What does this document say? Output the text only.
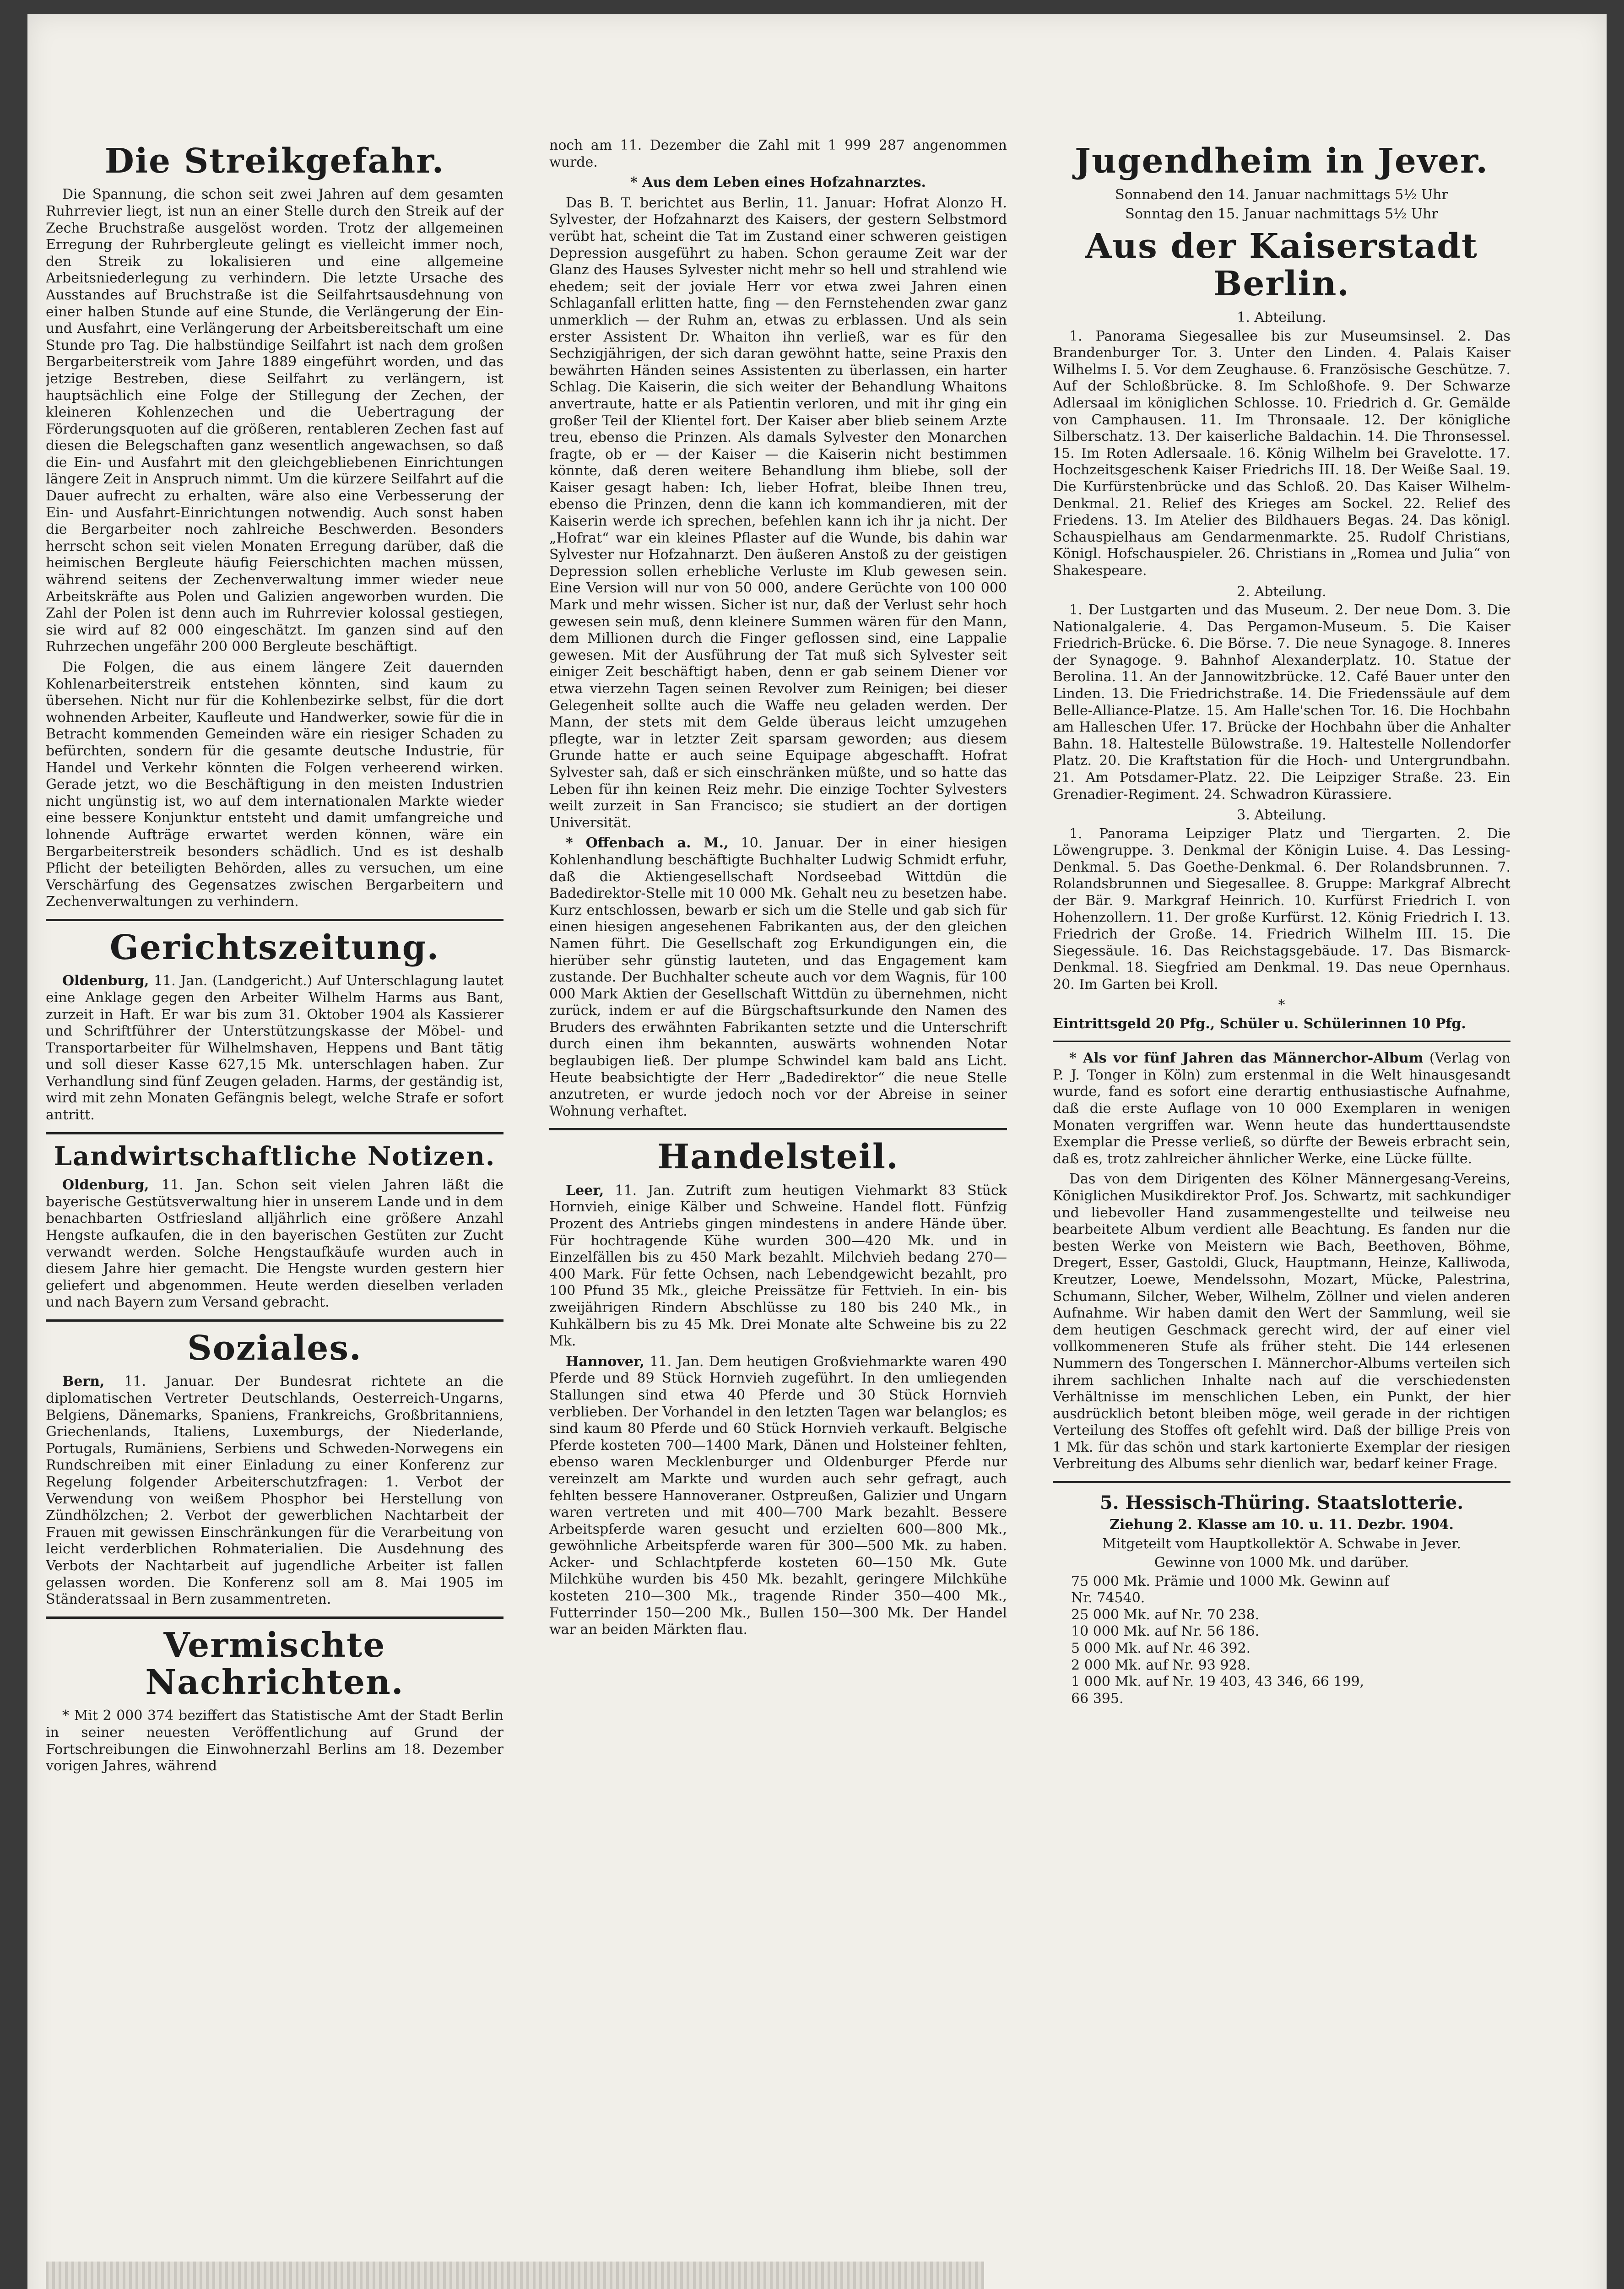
Die Streikgefahr.

Die Spannung, die schon seit zwei Jahren auf dem gesamten Ruhrrevier liegt, ist nun an einer Stelle durch den Streik auf der Zeche Bruchstraße ausgelöst worden. Trotz der allgemeinen Erregung der Ruhrbergleute gelingt es vielleicht immer noch, den Streik zu lokalisieren und eine allgemeine Arbeitsniederlegung zu verhindern. Die letzte Ursache des Ausstandes auf Bruchstraße ist die Seilfahrtsausdehnung von einer halben Stunde auf eine Stunde, die Verlängerung der Ein- und Ausfahrt, eine Verlängerung der Arbeitsbereitschaft um eine Stunde pro Tag. Die halbstündige Seilfahrt ist nach dem großen Bergarbeiterstreik vom Jahre 1889 eingeführt worden, und das jetzige Bestreben, diese Seilfahrt zu verlängern, ist hauptsächlich eine Folge der Stillegung der Zechen, der kleineren Kohlenzechen und die Uebertragung der Förderungsquoten auf die größeren, rentableren Zechen fast auf diesen die Belegschaften ganz wesentlich angewachsen, so daß die Ein- und Ausfahrt mit den gleichgebliebenen Einrichtungen längere Zeit in Anspruch nimmt. Um die kürzere Seilfahrt auf die Dauer aufrecht zu erhalten, wäre also eine Verbesserung der Ein- und Ausfahrt-Einrichtungen notwendig. Auch sonst haben die Bergarbeiter noch zahlreiche Beschwerden. Besonders herrscht schon seit vielen Monaten Erregung darüber, daß die heimischen Bergleute häufig Feierschichten machen müssen, während seitens der Zechenverwaltung immer wieder neue Arbeitskräfte aus Polen und Galizien angeworben wurden. Die Zahl der Polen ist denn auch im Ruhrrevier kolossal gestiegen, sie wird auf 82 000 eingeschätzt. Im ganzen sind auf den Ruhrzechen ungefähr 200 000 Bergleute beschäftigt.

Die Folgen, die aus einem längere Zeit dauernden Kohlenarbeiterstreik entstehen könnten, sind kaum zu übersehen. Nicht nur für die Kohlenbezirke selbst, für die dort wohnenden Arbeiter, Kaufleute und Handwerker, sowie für die in Betracht kommenden Gemeinden wäre ein riesiger Schaden zu befürchten, sondern für die gesamte deutsche Industrie, für Handel und Verkehr könnten die Folgen verheerend wirken. Gerade jetzt, wo die Beschäftigung in den meisten Industrien nicht ungünstig ist, wo auf dem internationalen Markte wieder eine bessere Konjunktur entsteht und damit umfangreiche und lohnende Aufträge erwartet werden können, wäre ein Bergarbeiterstreik besonders schädlich. Und es ist deshalb Pflicht der beteiligten Behörden, alles zu versuchen, um eine Verschärfung des Gegensatzes zwischen Bergarbeitern und Zechenverwaltungen zu verhindern.

Gerichtszeitung.

Oldenburg, 11. Jan. (Landgericht.) Auf Unterschlagung lautet eine Anklage gegen den Arbeiter Wilhelm Harms aus Bant, zurzeit in Haft. Er war bis zum 31. Oktober 1904 als Kassierer und Schriftführer der Unterstützungskasse der Möbel- und Transportarbeiter für Wilhelmshaven, Heppens und Bant tätig und soll dieser Kasse 627,15 Mk. unterschlagen haben. Zur Verhandlung sind fünf Zeugen geladen. Harms, der geständig ist, wird mit zehn Monaten Gefängnis belegt, welche Strafe er sofort antritt.

Landwirtschaftliche Notizen.

Oldenburg, 11. Jan. Schon seit vielen Jahren läßt die bayerische Gestütsverwaltung hier in unserem Lande und in dem benachbarten Ostfriesland alljährlich eine größere Anzahl Hengste aufkaufen, die in den bayerischen Gestüten zur Zucht verwandt werden. Solche Hengstaufkäufe wurden auch in diesem Jahre hier gemacht. Die Hengste wurden gestern hier geliefert und abgenommen. Heute werden dieselben verladen und nach Bayern zum Versand gebracht.

Soziales.

Bern, 11. Januar. Der Bundesrat richtete an die diplomatischen Vertreter Deutschlands, Oesterreich-Ungarns, Belgiens, Dänemarks, Spaniens, Frankreichs, Großbritanniens, Griechenlands, Italiens, Luxemburgs, der Niederlande, Portugals, Rumäniens, Serbiens und Schweden-Norwegens ein Rundschreiben mit einer Einladung zu einer Konferenz zur Regelung folgender Arbeiterschutzfragen: 1. Verbot der Verwendung von weißem Phosphor bei Herstellung von Zündhölzchen; 2. Verbot der gewerblichen Nachtarbeit der Frauen mit gewissen Einschränkungen für die Verarbeitung von leicht verderblichen Rohmaterialien. Die Ausdehnung des Verbots der Nachtarbeit auf jugendliche Arbeiter ist fallen gelassen worden. Die Konferenz soll am 8. Mai 1905 im Ständeratssaal in Bern zusammentreten.

Vermischte Nachrichten.

* Mit 2 000 374 beziffert das Statistische Amt der Stadt Berlin in seiner neuesten Veröffentlichung auf Grund der Fortschreibungen die Einwohnerzahl Berlins am 18. Dezember vorigen Jahres, während

noch am 11. Dezember die Zahl mit 1 999 287 angenommen wurde.

* Aus dem Leben eines Hofzahnarztes.

Das B. T. berichtet aus Berlin, 11. Januar: Hofrat Alonzo H. Sylvester, der Hofzahnarzt des Kaisers, der gestern Selbstmord verübt hat, scheint die Tat im Zustand einer schweren geistigen Depression ausgeführt zu haben. Schon geraume Zeit war der Glanz des Hauses Sylvester nicht mehr so hell und strahlend wie ehedem; seit der joviale Herr vor etwa zwei Jahren einen Schlaganfall erlitten hatte, fing — den Fernstehenden zwar ganz unmerklich — der Ruhm an, etwas zu erblassen. Und als sein erster Assistent Dr. Whaiton ihn verließ, war es für den Sechzigjährigen, der sich daran gewöhnt hatte, seine Praxis den bewährten Händen seines Assistenten zu überlassen, ein harter Schlag. Die Kaiserin, die sich weiter der Behandlung Whaitons anvertraute, hatte er als Patientin verloren, und mit ihr ging ein großer Teil der Klientel fort. Der Kaiser aber blieb seinem Arzte treu, ebenso die Prinzen. Als damals Sylvester den Monarchen fragte, ob er — der Kaiser — die Kaiserin nicht bestimmen könnte, daß deren weitere Behandlung ihm bliebe, soll der Kaiser gesagt haben: Ich, lieber Hofrat, bleibe Ihnen treu, ebenso die Prinzen, denn die kann ich kommandieren, mit der Kaiserin werde ich sprechen, befehlen kann ich ihr ja nicht. Der „Hofrat“ war ein kleines Pflaster auf die Wunde, bis dahin war Sylvester nur Hofzahnarzt. Den äußeren Anstoß zu der geistigen Depression sollen erhebliche Verluste im Klub gewesen sein. Eine Version will nur von 50 000, andere Gerüchte von 100 000 Mark und mehr wissen. Sicher ist nur, daß der Verlust sehr hoch gewesen sein muß, denn kleinere Summen wären für den Mann, dem Millionen durch die Finger geflossen sind, eine Lappalie gewesen. Mit der Ausführung der Tat muß sich Sylvester seit einiger Zeit beschäftigt haben, denn er gab seinem Diener vor etwa vierzehn Tagen seinen Revolver zum Reinigen; bei dieser Gelegenheit sollte auch die Waffe neu geladen werden. Der Mann, der stets mit dem Gelde überaus leicht umzugehen pflegte, war in letzter Zeit sparsam geworden; aus diesem Grunde hatte er auch seine Equipage abgeschafft. Hofrat Sylvester sah, daß er sich einschränken müßte, und so hatte das Leben für ihn keinen Reiz mehr. Die einzige Tochter Sylvesters weilt zurzeit in San Francisco; sie studiert an der dortigen Universität.

* Offenbach a. M., 10. Januar. Der in einer hiesigen Kohlenhandlung beschäftigte Buchhalter Ludwig Schmidt erfuhr, daß die Aktiengesellschaft Nordseebad Wittdün die Badedirektor-Stelle mit 10 000 Mk. Gehalt neu zu besetzen habe. Kurz entschlossen, bewarb er sich um die Stelle und gab sich für einen hiesigen angesehenen Fabrikanten aus, der den gleichen Namen führt. Die Gesellschaft zog Erkundigungen ein, die hierüber sehr günstig lauteten, und das Engagement kam zustande. Der Buchhalter scheute auch vor dem Wagnis, für 100 000 Mark Aktien der Gesellschaft Wittdün zu übernehmen, nicht zurück, indem er auf die Bürgschaftsurkunde den Namen des Bruders des erwähnten Fabrikanten setzte und die Unterschrift durch einen ihm bekannten, auswärts wohnenden Notar beglaubigen ließ. Der plumpe Schwindel kam bald ans Licht. Heute beabsichtigte der Herr „Badedirektor“ die neue Stelle anzutreten, er wurde jedoch noch vor der Abreise in seiner Wohnung verhaftet.

Handelsteil.

Leer, 11. Jan. Zutrift zum heutigen Viehmarkt 83 Stück Hornvieh, einige Kälber und Schweine. Handel flott. Fünfzig Prozent des Antriebs gingen mindestens in andere Hände über. Für hochtragende Kühe wurden 300—420 Mk. und in Einzelfällen bis zu 450 Mark bezahlt. Milchvieh bedang 270—400 Mark. Für fette Ochsen, nach Lebendgewicht bezahlt, pro 100 Pfund 35 Mk., gleiche Preissätze für Fettvieh. In ein- bis zweijährigen Rindern Abschlüsse zu 180 bis 240 Mk., in Kuhkälbern bis zu 45 Mk. Drei Monate alte Schweine bis zu 22 Mk.

Hannover, 11. Jan. Dem heutigen Großviehmarkte waren 490 Pferde und 89 Stück Hornvieh zugeführt. In den umliegenden Stallungen sind etwa 40 Pferde und 30 Stück Hornvieh verblieben. Der Vorhandel in den letzten Tagen war belanglos; es sind kaum 80 Pferde und 60 Stück Hornvieh verkauft. Belgische Pferde kosteten 700—1400 Mark, Dänen und Holsteiner fehlten, ebenso waren Mecklenburger und Oldenburger Pferde nur vereinzelt am Markte und wurden auch sehr gefragt, auch fehlten bessere Hannoveraner. Ostpreußen, Galizier und Ungarn waren vertreten und mit 400—700 Mark bezahlt. Bessere Arbeitspferde waren gesucht und erzielten 600—800 Mk., gewöhnliche Arbeitspferde waren für 300—500 Mk. zu haben. Acker- und Schlachtpferde kosteten 60—150 Mk. Gute Milchkühe wurden bis 450 Mk. bezahlt, geringere Milchkühe kosteten 210—300 Mk., tragende Rinder 350—400 Mk., Futterrinder 150—200 Mk., Bullen 150—300 Mk. Der Handel war an beiden Märkten flau.

Jugendheim in Jever.
Sonnabend den 14. Januar nachmittags 5½ Uhr
Sonntag den 15. Januar nachmittags 5½ Uhr
Aus der Kaiserstadt Berlin.
1. Abteilung.

1. Panorama Siegesallee bis zur Museumsinsel. 2. Das Brandenburger Tor. 3. Unter den Linden. 4. Palais Kaiser Wilhelms I. 5. Vor dem Zeughause. 6. Französische Geschütze. 7. Auf der Schloßbrücke. 8. Im Schloßhofe. 9. Der Schwarze Adlersaal im königlichen Schlosse. 10. Friedrich d. Gr. Gemälde von Camphausen. 11. Im Thronsaale. 12. Der königliche Silberschatz. 13. Der kaiserliche Baldachin. 14. Die Thronsessel. 15. Im Roten Adlersaale. 16. König Wilhelm bei Gravelotte. 17. Hochzeitsgeschenk Kaiser Friedrichs III. 18. Der Weiße Saal. 19. Die Kurfürstenbrücke und das Schloß. 20. Das Kaiser Wilhelm-Denkmal. 21. Relief des Krieges am Sockel. 22. Relief des Friedens. 13. Im Atelier des Bildhauers Begas. 24. Das königl. Schauspielhaus am Gendarmenmarkte. 25. Rudolf Christians, Königl. Hofschauspieler. 26. Christians in „Romea und Julia“ von Shakespeare.

2. Abteilung.

1. Der Lustgarten und das Museum. 2. Der neue Dom. 3. Die Nationalgalerie. 4. Das Pergamon-Museum. 5. Die Kaiser Friedrich-Brücke. 6. Die Börse. 7. Die neue Synagoge. 8. Inneres der Synagoge. 9. Bahnhof Alexanderplatz. 10. Statue der Berolina. 11. An der Jannowitzbrücke. 12. Café Bauer unter den Linden. 13. Die Friedrichstraße. 14. Die Friedenssäule auf dem Belle-Alliance-Platze. 15. Am Halle'schen Tor. 16. Die Hochbahn am Halleschen Ufer. 17. Brücke der Hochbahn über die Anhalter Bahn. 18. Haltestelle Bülowstraße. 19. Haltestelle Nollendorfer Platz. 20. Die Kraftstation für die Hoch- und Untergrundbahn. 21. Am Potsdamer-Platz. 22. Die Leipziger Straße. 23. Ein Grenadier-Regiment. 24. Schwadron Kürassiere.

3. Abteilung.

1. Panorama Leipziger Platz und Tiergarten. 2. Die Löwengruppe. 3. Denkmal der Königin Luise. 4. Das Lessing-Denkmal. 5. Das Goethe-Denkmal. 6. Der Rolandsbrunnen. 7. Rolandsbrunnen und Siegesallee. 8. Gruppe: Markgraf Albrecht der Bär. 9. Markgraf Heinrich. 10. Kurfürst Friedrich I. von Hohenzollern. 11. Der große Kurfürst. 12. König Friedrich I. 13. Friedrich der Große. 14. Friedrich Wilhelm III. 15. Die Siegessäule. 16. Das Reichstagsgebäude. 17. Das Bismarck-Denkmal. 18. Siegfried am Denkmal. 19. Das neue Opernhaus. 20. Im Garten bei Kroll.

*

Eintrittsgeld 20 Pfg., Schüler u. Schülerinnen 10 Pfg.

* Als vor fünf Jahren das Männerchor-Album (Verlag von P. J. Tonger in Köln) zum erstenmal in die Welt hinausgesandt wurde, fand es sofort eine derartig enthusiastische Aufnahme, daß die erste Auflage von 10 000 Exemplaren in wenigen Monaten vergriffen war. Wenn heute das hunderttausendste Exemplar die Presse verließ, so dürfte der Beweis erbracht sein, daß es, trotz zahlreicher ähnlicher Werke, eine Lücke füllte.

Das von dem Dirigenten des Kölner Männergesang-Vereins, Königlichen Musikdirektor Prof. Jos. Schwartz, mit sachkundiger und liebevoller Hand zusammengestellte und teilweise neu bearbeitete Album verdient alle Beachtung. Es fanden nur die besten Werke von Meistern wie Bach, Beethoven, Böhme, Dregert, Esser, Gastoldi, Gluck, Hauptmann, Heinze, Kalliwoda, Kreutzer, Loewe, Mendelssohn, Mozart, Mücke, Palestrina, Schumann, Silcher, Weber, Wilhelm, Zöllner und vielen anderen Aufnahme. Wir haben damit den Wert der Sammlung, weil sie dem heutigen Geschmack gerecht wird, der auf einer viel vollkommeneren Stufe als früher steht. Die 144 erlesenen Nummern des Tongerschen I. Männerchor-Albums verteilen sich ihrem sachlichen Inhalte nach auf die verschiedensten Verhältnisse im menschlichen Leben, ein Punkt, der hier ausdrücklich betont bleiben möge, weil gerade in der richtigen Verteilung des Stoffes oft gefehlt wird. Daß der billige Preis von 1 Mk. für das schön und stark kartonierte Exemplar der riesigen Verbreitung des Albums sehr dienlich war, bedarf keiner Frage.

5. Hessisch-Thüring. Staatslotterie.
Ziehung 2. Klasse am 10. u. 11. Dezbr. 1904.
Mitgeteilt vom Hauptkollektör A. Schwabe in Jever.
Gewinne von 1000 Mk. und darüber.
75 000 Mk. Prämie und 1000 Mk. Gewinn auf
Nr. 74540.
25 000 Mk. auf Nr. 70 238.
10 000 Mk. auf Nr. 56 186.
5 000 Mk. auf Nr. 46 392.
2 000 Mk. auf Nr. 93 928.
1 000 Mk. auf Nr. 19 403, 43 346, 66 199,
66 395.
